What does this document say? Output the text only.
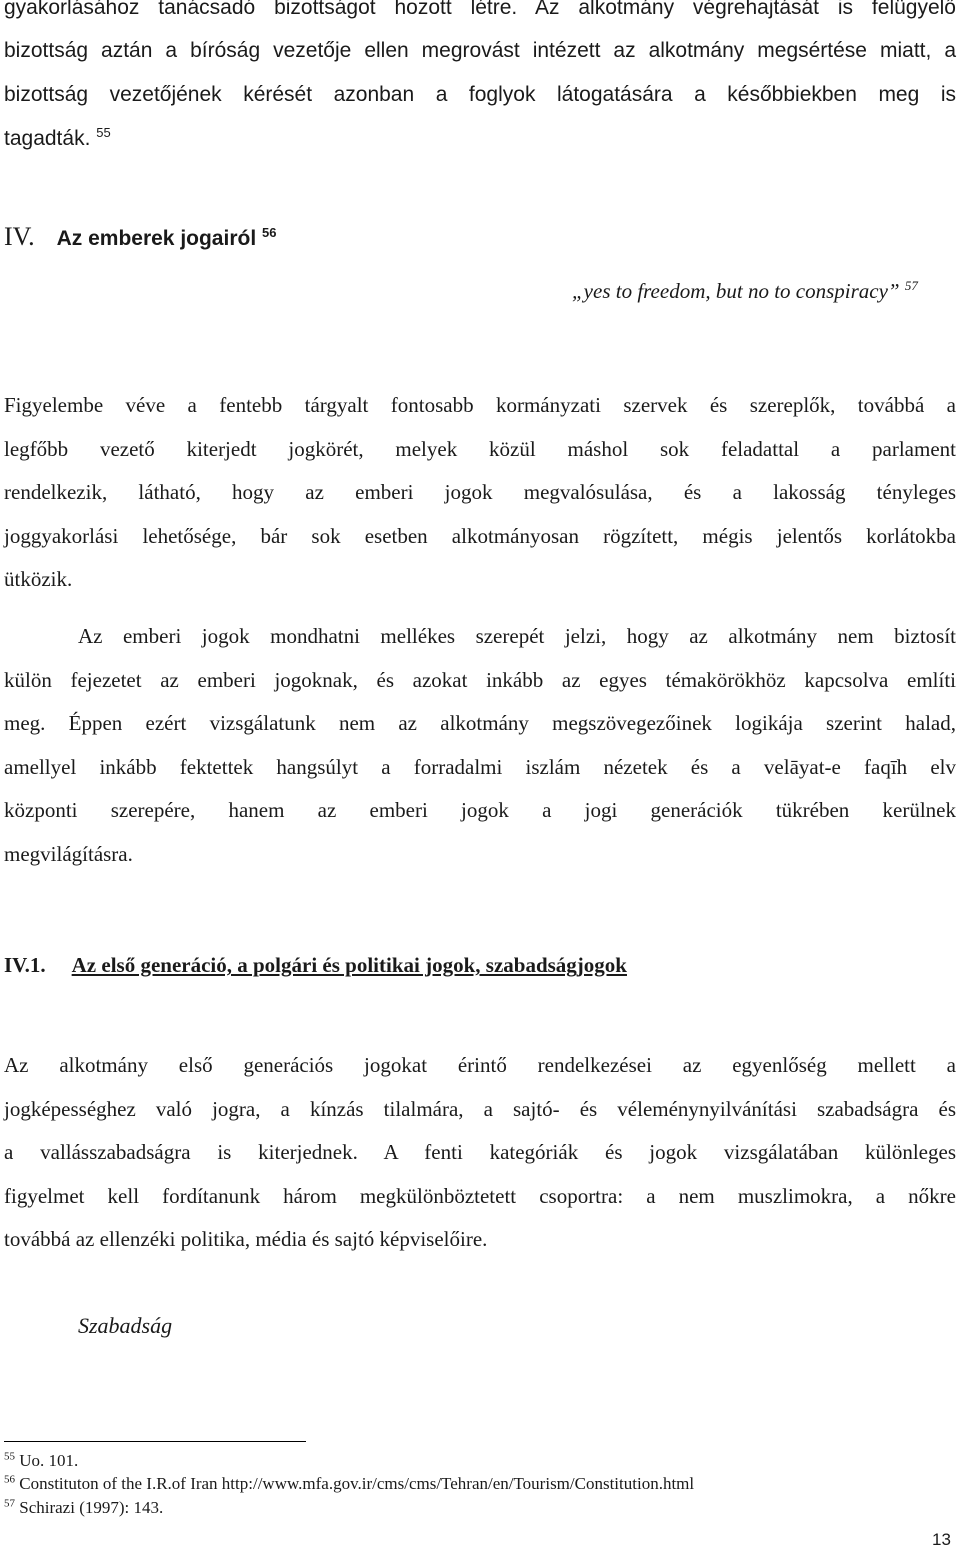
gyakorlásához tanácsadó bizottságot hozott létre. Az alkotmány végrehajtását is felügyelő
bizottság aztán a bíróság vezetője ellen megrovást intézett az alkotmány megsértése miatt, a
bizottság vezetőjének kérését azonban a foglyok látogatására a későbbiekben meg is
tagadták. $^{55}$
IV. Az emberek jogairól $^{56}$
„yes to freedom, but no to conspiracy” $^{57}$
Figyelembe véve a fentebb tárgyalt fontosabb kormányzati szervek és szereplők, továbbá a
legfőbb vezető kiterjedt jogkörét, melyek közül máshol sok feladattal a parlament
rendelkezik, látható, hogy az emberi jogok megvalósulása, és a lakosság tényleges
joggyakorlási lehetősége, bár sok esetben alkotmányosan rögzített, mégis jelentős korlátokba
ütközik.
Az emberi jogok mondhatni mellékes szerepét jelzi, hogy az alkotmány nem biztosít
külön fejezetet az emberi jogoknak, és azokat inkább az egyes témakörökhöz kapcsolva említi
meg. Éppen ezért vizsgálatunk nem az alkotmány megszövegezőinek logikája szerint halad,
amellyel inkább fektettek hangsúlyt a forradalmi iszlám nézetek és a velāyat-e faqīh elv
központi szerepére, hanem az emberi jogok a jogi generációk tükrében kerülnek
megvilágításra.
IV.1. Az első generáció, a polgári és politikai jogok, szabadságjogok
Az alkotmány első generációs jogokat érintő rendelkezései az egyenlőség mellett a
jogképességhez való jogra, a kínzás tilalmára, a sajtó- és véleménynyilvánítási szabadságra és
a vallásszabadságra is kiterjednek. A fenti kategóriák és jogok vizsgálatában különleges
figyelmet kell fordítanunk három megkülönböztetett csoportra: a nem muszlimokra, a nőkre
továbbá az ellenzéki politika, média és sajtó képviselőire.
Szabadság
$^{55}$ Uo. 101.
$^{56}$ Constituton of the I.R.of Iran http://www.mfa.gov.ir/cms/cms/Tehran/en/Tourism/Constitution.html
$^{57}$ Schirazi (1997): 143.
13
